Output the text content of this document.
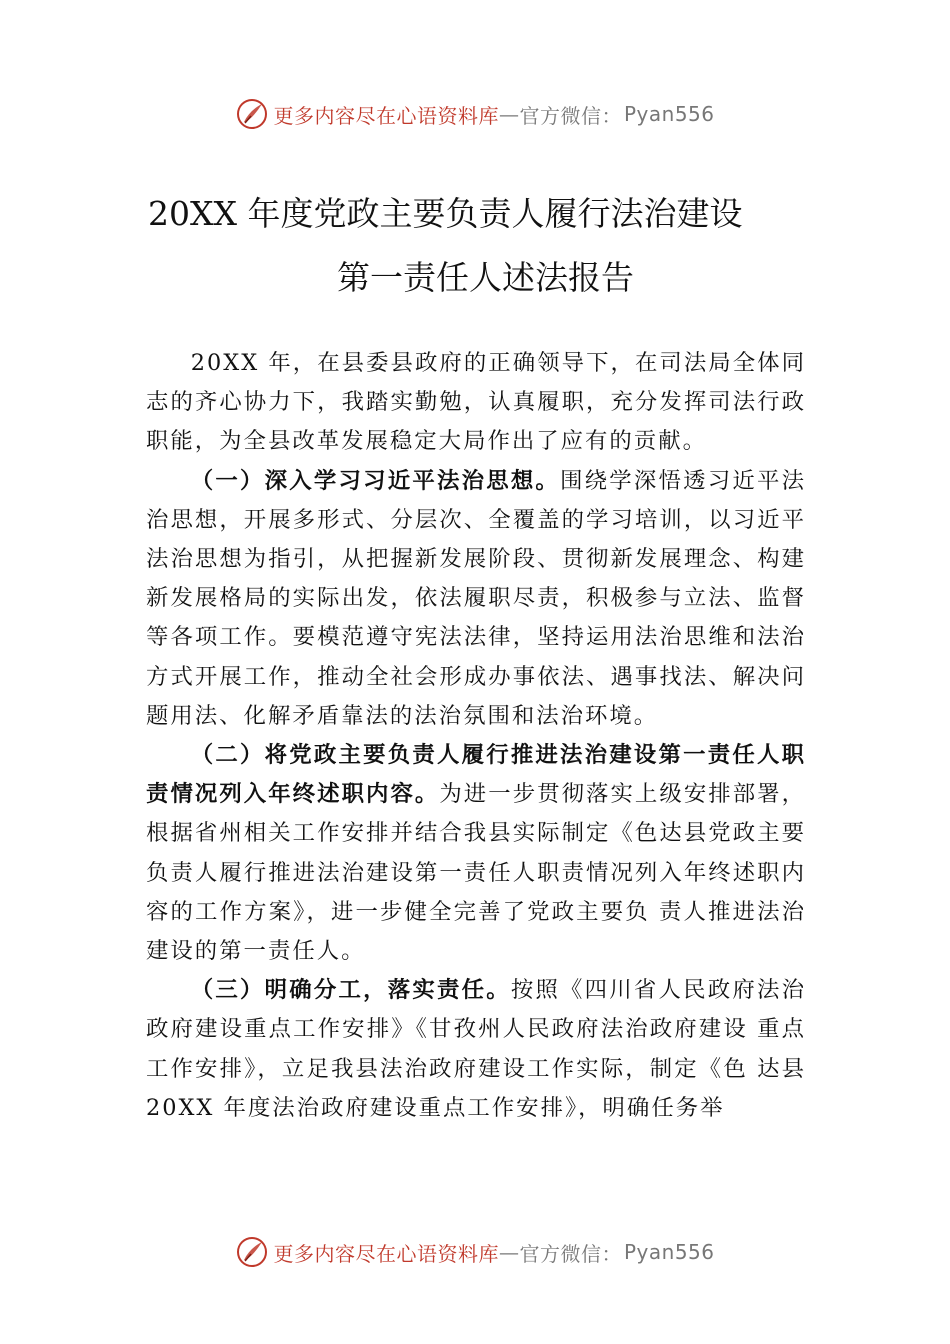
更多内容尽在心语资料库 — 官方微信： Pyan556
20XX 年度党政主要负责人履行法治建设
第一责任人述法报告

20XX 年，在县委县政府的正确领导下，在司法局全体同志的齐心协力下，我踏实勤勉，认真履职，充分发挥司法行政职能，为全县改革发展稳定大局作出了应有的贡献。

（一）深入学习习近平法治思想。围绕学深悟透习近平法治思想，开展多形式、分层次、全覆盖的学习培训，以习近平法治思想为指引，从把握新发展阶段、贯彻新发展理念、构建新发展格局的实际出发，依法履职尽责，积极参与立法、监督等各项工作。要模范遵守宪法法律，坚持运用法治思维和法治方式开展工作，推动全社会形成办事依法、遇事找法、解决问题用法、化解矛盾靠法的法治氛围和法治环境。

（二）将党政主要负责人履行推进法治建设第一责任人职责情况列入年终述职内容。为进一步贯彻落实上级安排部署，根据省州相关工作安排并结合我县实际制定《色达县党政主要负责人履行推进法治建设第一责任人职责情况列入年终述职内容的工作方案》，进一步健全完善了党政主要负 责人推进法治建设的第一责任人。

（三）明确分工，落实责任。按照《四川省人民政府法治政府建设重点工作安排》《甘孜州人民政府法治政府建设 重点工作安排》，立足我县法治政府建设工作实际，制定《色 达县 20XX 年度法治政府建设重点工作安排》，明确任务举

更多内容尽在心语资料库 — 官方微信： Pyan556
